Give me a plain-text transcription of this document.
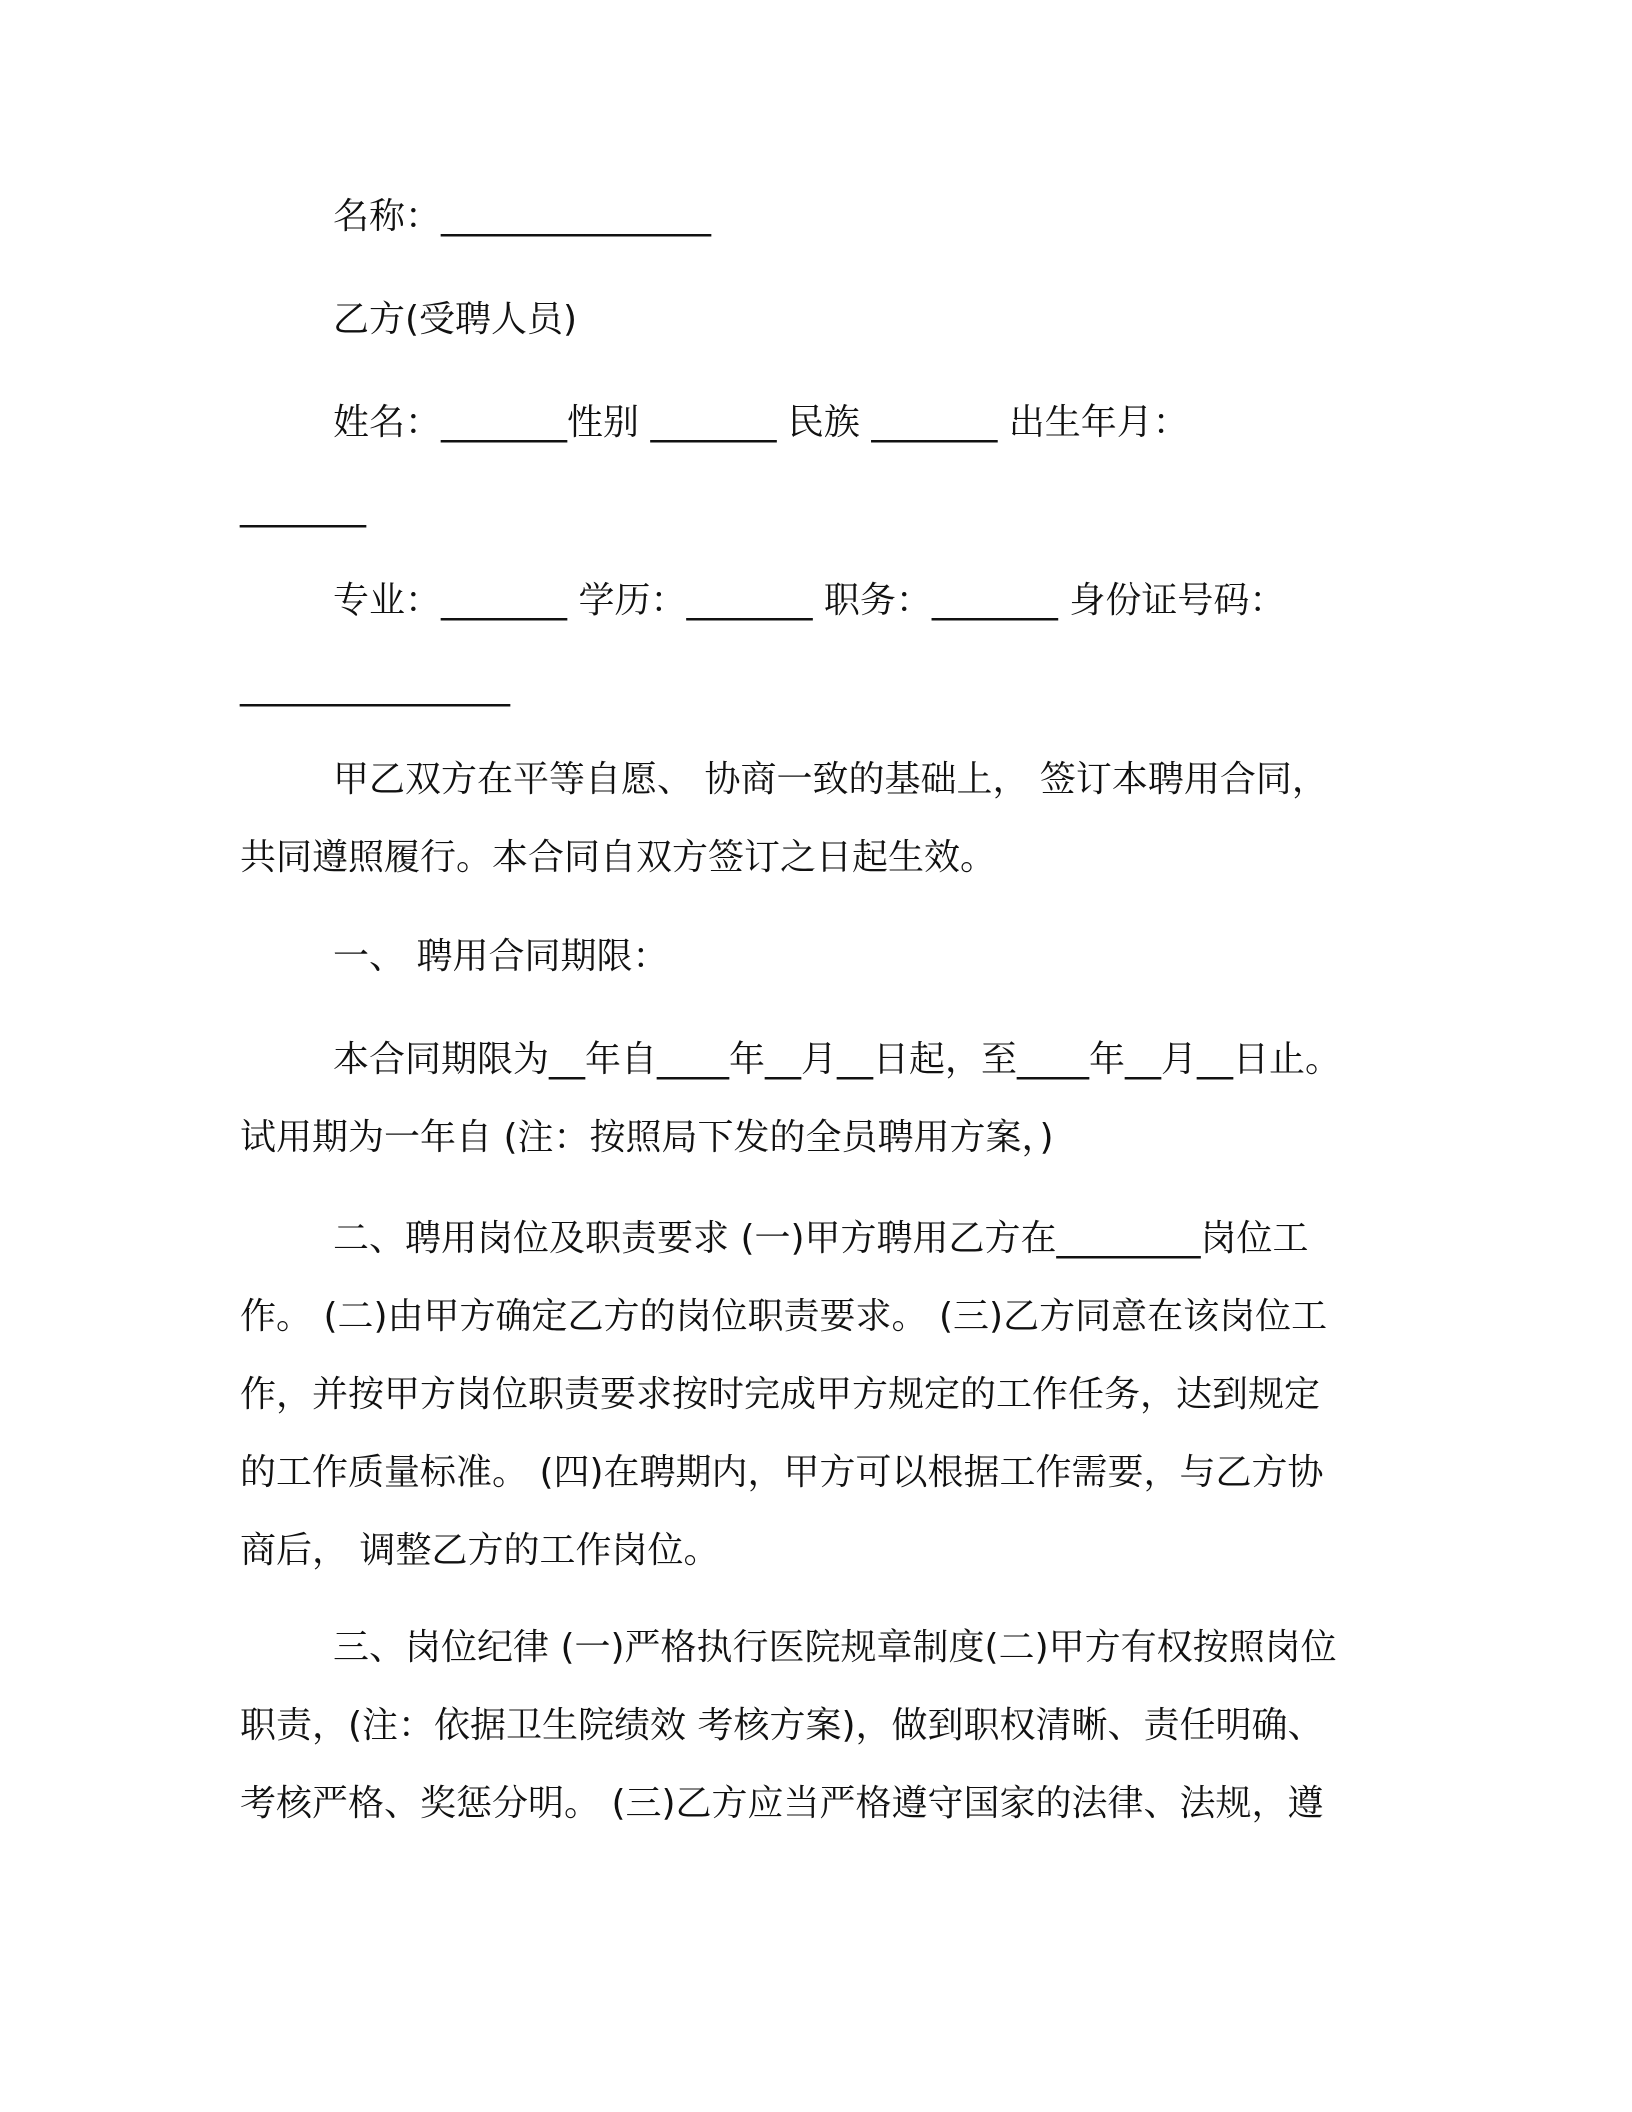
名称：_______________
乙方(受聘人员)
姓名：_______性别 _______ 民族 _______ 出生年月：
_______
专业：_______ 学历：_______ 职务：_______ 身份证号码：
_______________
甲乙双方在平等自愿、 协商一致的基础上， 签订本聘用合同，
共同遵照履行。本合同自双方签订之日起生效。
一、 聘用合同期限：
本合同期限为__年自____年__月__日起，至____年__月__日止。
试用期为一年自 (注：按照局下发的全员聘用方案，)
二、聘用岗位及职责要求 (一)甲方聘用乙方在________岗位工
作。 (二)由甲方确定乙方的岗位职责要求。 (三)乙方同意在该岗位工
作，并按甲方岗位职责要求按时完成甲方规定的工作任务，达到规定
的工作质量标准。 (四)在聘期内，甲方可以根据工作需要，与乙方协
商后， 调整乙方的工作岗位。
三、岗位纪律 (一)严格执行医院规章制度(二)甲方有权按照岗位
职责，(注：依据卫生院绩效 考核方案)，做到职权清晰、责任明确、
考核严格、奖惩分明。 (三)乙方应当严格遵守国家的法律、法规，遵
